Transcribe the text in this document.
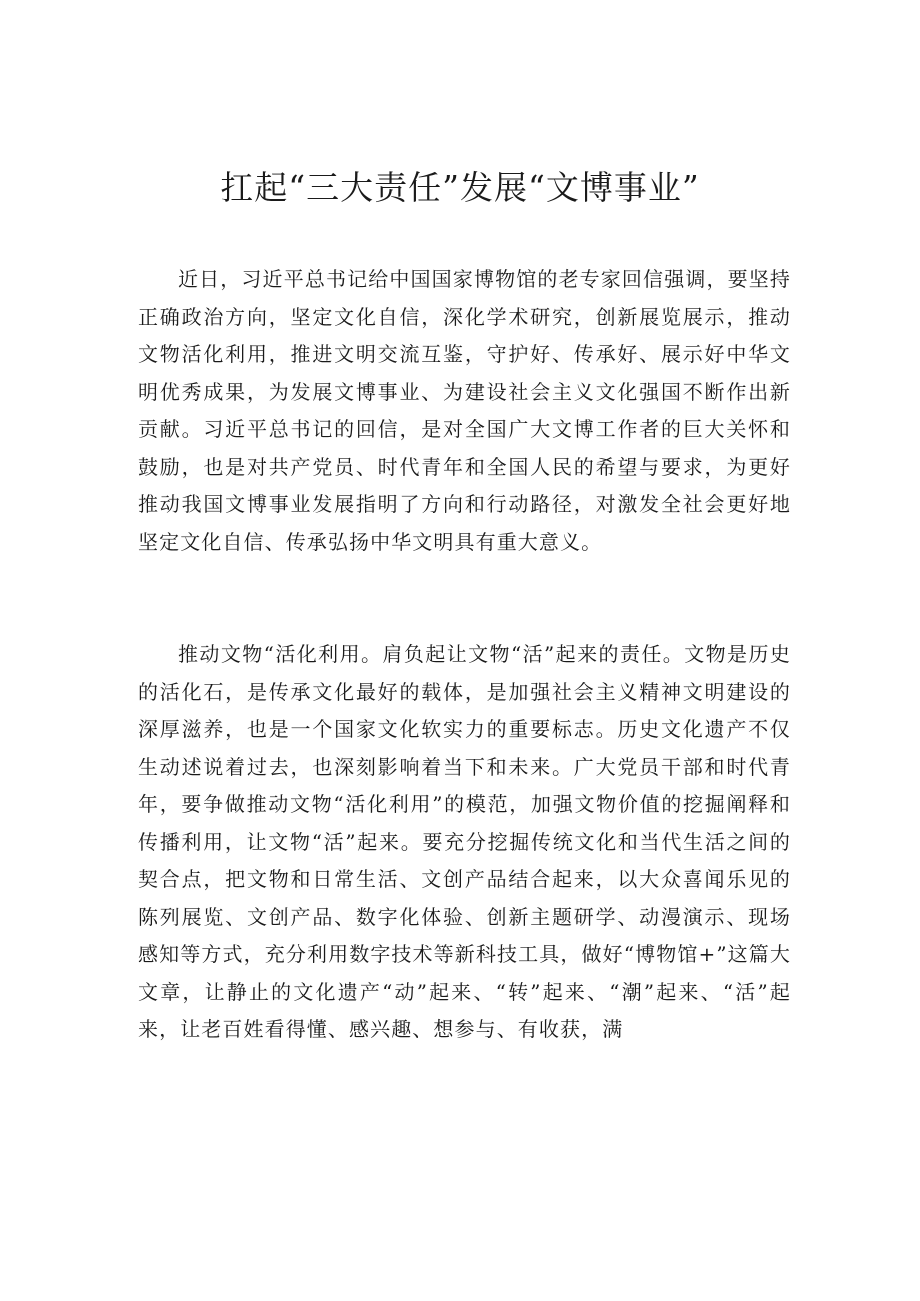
扛起“三大责任”发展“文博事业”

近日，习近平总书记给中国国家博物馆的老专家回信强调，要坚持正确政治方向，坚定文化自信，深化学术研究，创新展览展示，推动文物活化利用，推进文明交流互鉴，守护好、传承好、展示好中华文明优秀成果，为发展文博事业、为建设社会主义文化强国不断作出新贡献。习近平总书记的回信，是对全国广大文博工作者的巨大关怀和鼓励，也是对共产党员、时代青年和全国人民的希望与要求，为更好推动我国文博事业发展指明了方向和行动路径，对激发全社会更好地坚定文化自信、传承弘扬中华文明具有重大意义。

推动文物“活化利用。肩负起让文物“活”起来的责任。文物是历史的活化石，是传承文化最好的载体，是加强社会主义精神文明建设的深厚滋养，也是一个国家文化软实力的重要标志。历史文化遗产不仅生动述说着过去，也深刻影响着当下和未来。广大党员干部和时代青年，要争做推动文物“活化利用”的模范，加强文物价值的挖掘阐释和传播利用，让文物“活”起来。要充分挖掘传统文化和当代生活之间的契合点，把文物和日常生活、文创产品结合起来，以大众喜闻乐见的陈列展览、文创产品、数字化体验、创新主题研学、动漫演示、现场感知等方式，充分利用数字技术等新科技工具，做好“博物馆+”这篇大文章，让静止的文化遗产“动”起来、“转”起来、“潮”起来、“活”起来，让老百姓看得懂、感兴趣、想参与、有收获，满
